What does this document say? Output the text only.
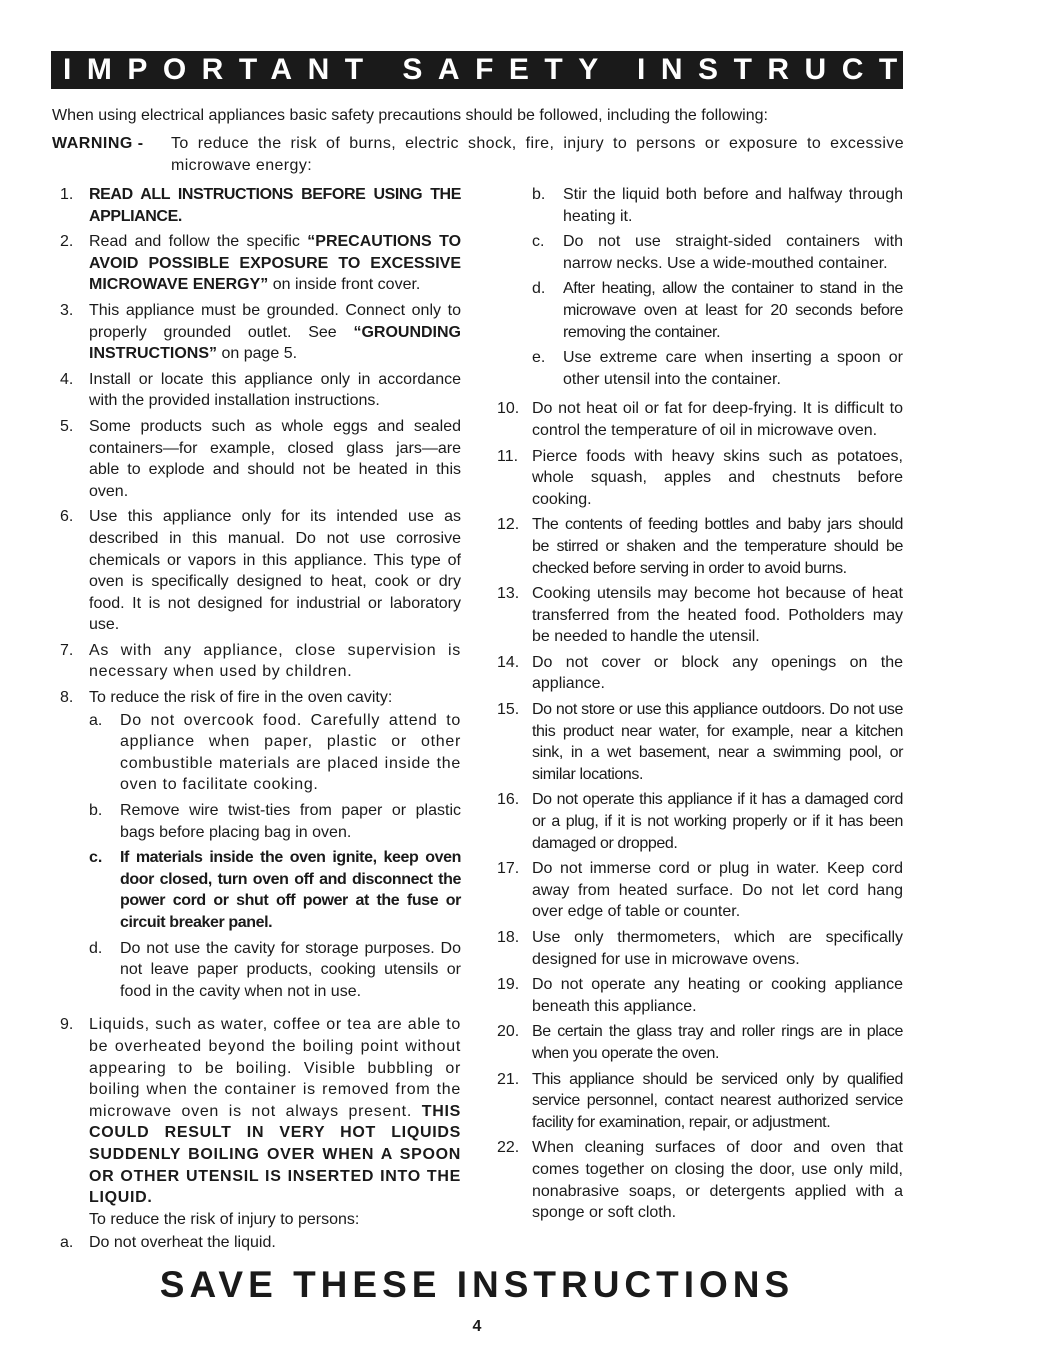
IMPORTANT SAFETY INSTRUCTIONS
When using electrical appliances basic safety precautions should be followed, including the following:
WARNING -	To reduce the risk of burns, electric shock, fire, injury to persons or exposure to excessive microwave energy:
1. READ ALL INSTRUCTIONS BEFORE USING THE APPLIANCE.
2. Read and follow the specific “PRECAUTIONS TO AVOID POSSIBLE EXPOSURE TO EXCESSIVE MICROWAVE ENERGY” on inside front cover.
3. This appliance must be grounded. Connect only to properly grounded outlet. See “GROUNDING INSTRUCTIONS” on page 5.
4. Install or locate this appliance only in accordance with the provided installation instructions.
5. Some products such as whole eggs and sealed containers—for example, closed glass jars—are able to explode and should not be heated in this oven.
6. Use this appliance only for its intended use as described in this manual. Do not use corrosive chemicals or vapors in this appliance. This type of oven is specifically designed to heat, cook or dry food. It is not designed for industrial or laboratory use.
7. As with any appliance, close supervision is necessary when used by children.
8. To reduce the risk of fire in the oven cavity:
a.	Do not overcook food. Carefully attend to appliance when paper, plastic or other combustible materials are placed inside the oven to facilitate cooking.
b.	Remove wire twist-ties from paper or plastic bags before placing bag in oven.
c.	If materials inside the oven ignite, keep oven door closed, turn oven off and disconnect the power cord or shut off power at the fuse or circuit breaker panel.
d.	Do not use the cavity for storage purposes. Do not leave paper products, cooking utensils or food in the cavity when not in use.
9. Liquids, such as water, coffee or tea are able to be overheated beyond the boiling point without appearing to be boiling. Visible bubbling or boiling when the container is removed from the microwave oven is not always present. THIS COULD RESULT IN VERY HOT LIQUIDS SUDDENLY BOILING OVER WHEN A SPOON OR OTHER UTENSIL IS INSERTED INTO THE LIQUID.
To reduce the risk of injury to persons:
a. Do not overheat the liquid.
b.	Stir the liquid both before and halfway through heating it.
c.	Do not use straight-sided containers with narrow necks. Use a wide-mouthed container.
d.	After heating, allow the container to stand in the microwave oven at least for 20 seconds before removing the container.
e.	Use extreme care when inserting a spoon or other utensil into the container.
10. Do not heat oil or fat for deep-frying. It is difficult to control the temperature of oil in microwave oven.
11. Pierce foods with heavy skins such as potatoes, whole squash, apples and chestnuts before cooking.
12. The contents of feeding bottles and baby jars should be stirred or shaken and the temperature should be checked before serving in order to avoid burns.
13. Cooking utensils may become hot because of heat transferred from the heated food. Potholders may be needed to handle the utensil.
14. Do not cover or block any openings on the appliance.
15. Do not store or use this appliance outdoors. Do not use this product near water, for example, near a kitchen sink, in a wet basement, near a swimming pool, or similar locations.
16. Do not operate this appliance if it has a damaged cord or a plug, if it is not working properly or if it has been damaged or dropped.
17. Do not immerse cord or plug in water. Keep cord away from heated surface. Do not let cord hang over edge of table or counter.
18. Use only thermometers, which are specifically designed for use in microwave ovens.
19. Do not operate any heating or cooking appliance beneath this appliance.
20. Be certain the glass tray and roller rings are in place when you operate the oven.
21. This appliance should be serviced only by qualified service personnel, contact nearest authorized service facility for examination, repair, or adjustment.
22. When cleaning surfaces of door and oven that comes together on closing the door, use only mild, nonabrasive soaps, or detergents applied with a sponge or soft cloth.
SAVE THESE INSTRUCTIONS
4
